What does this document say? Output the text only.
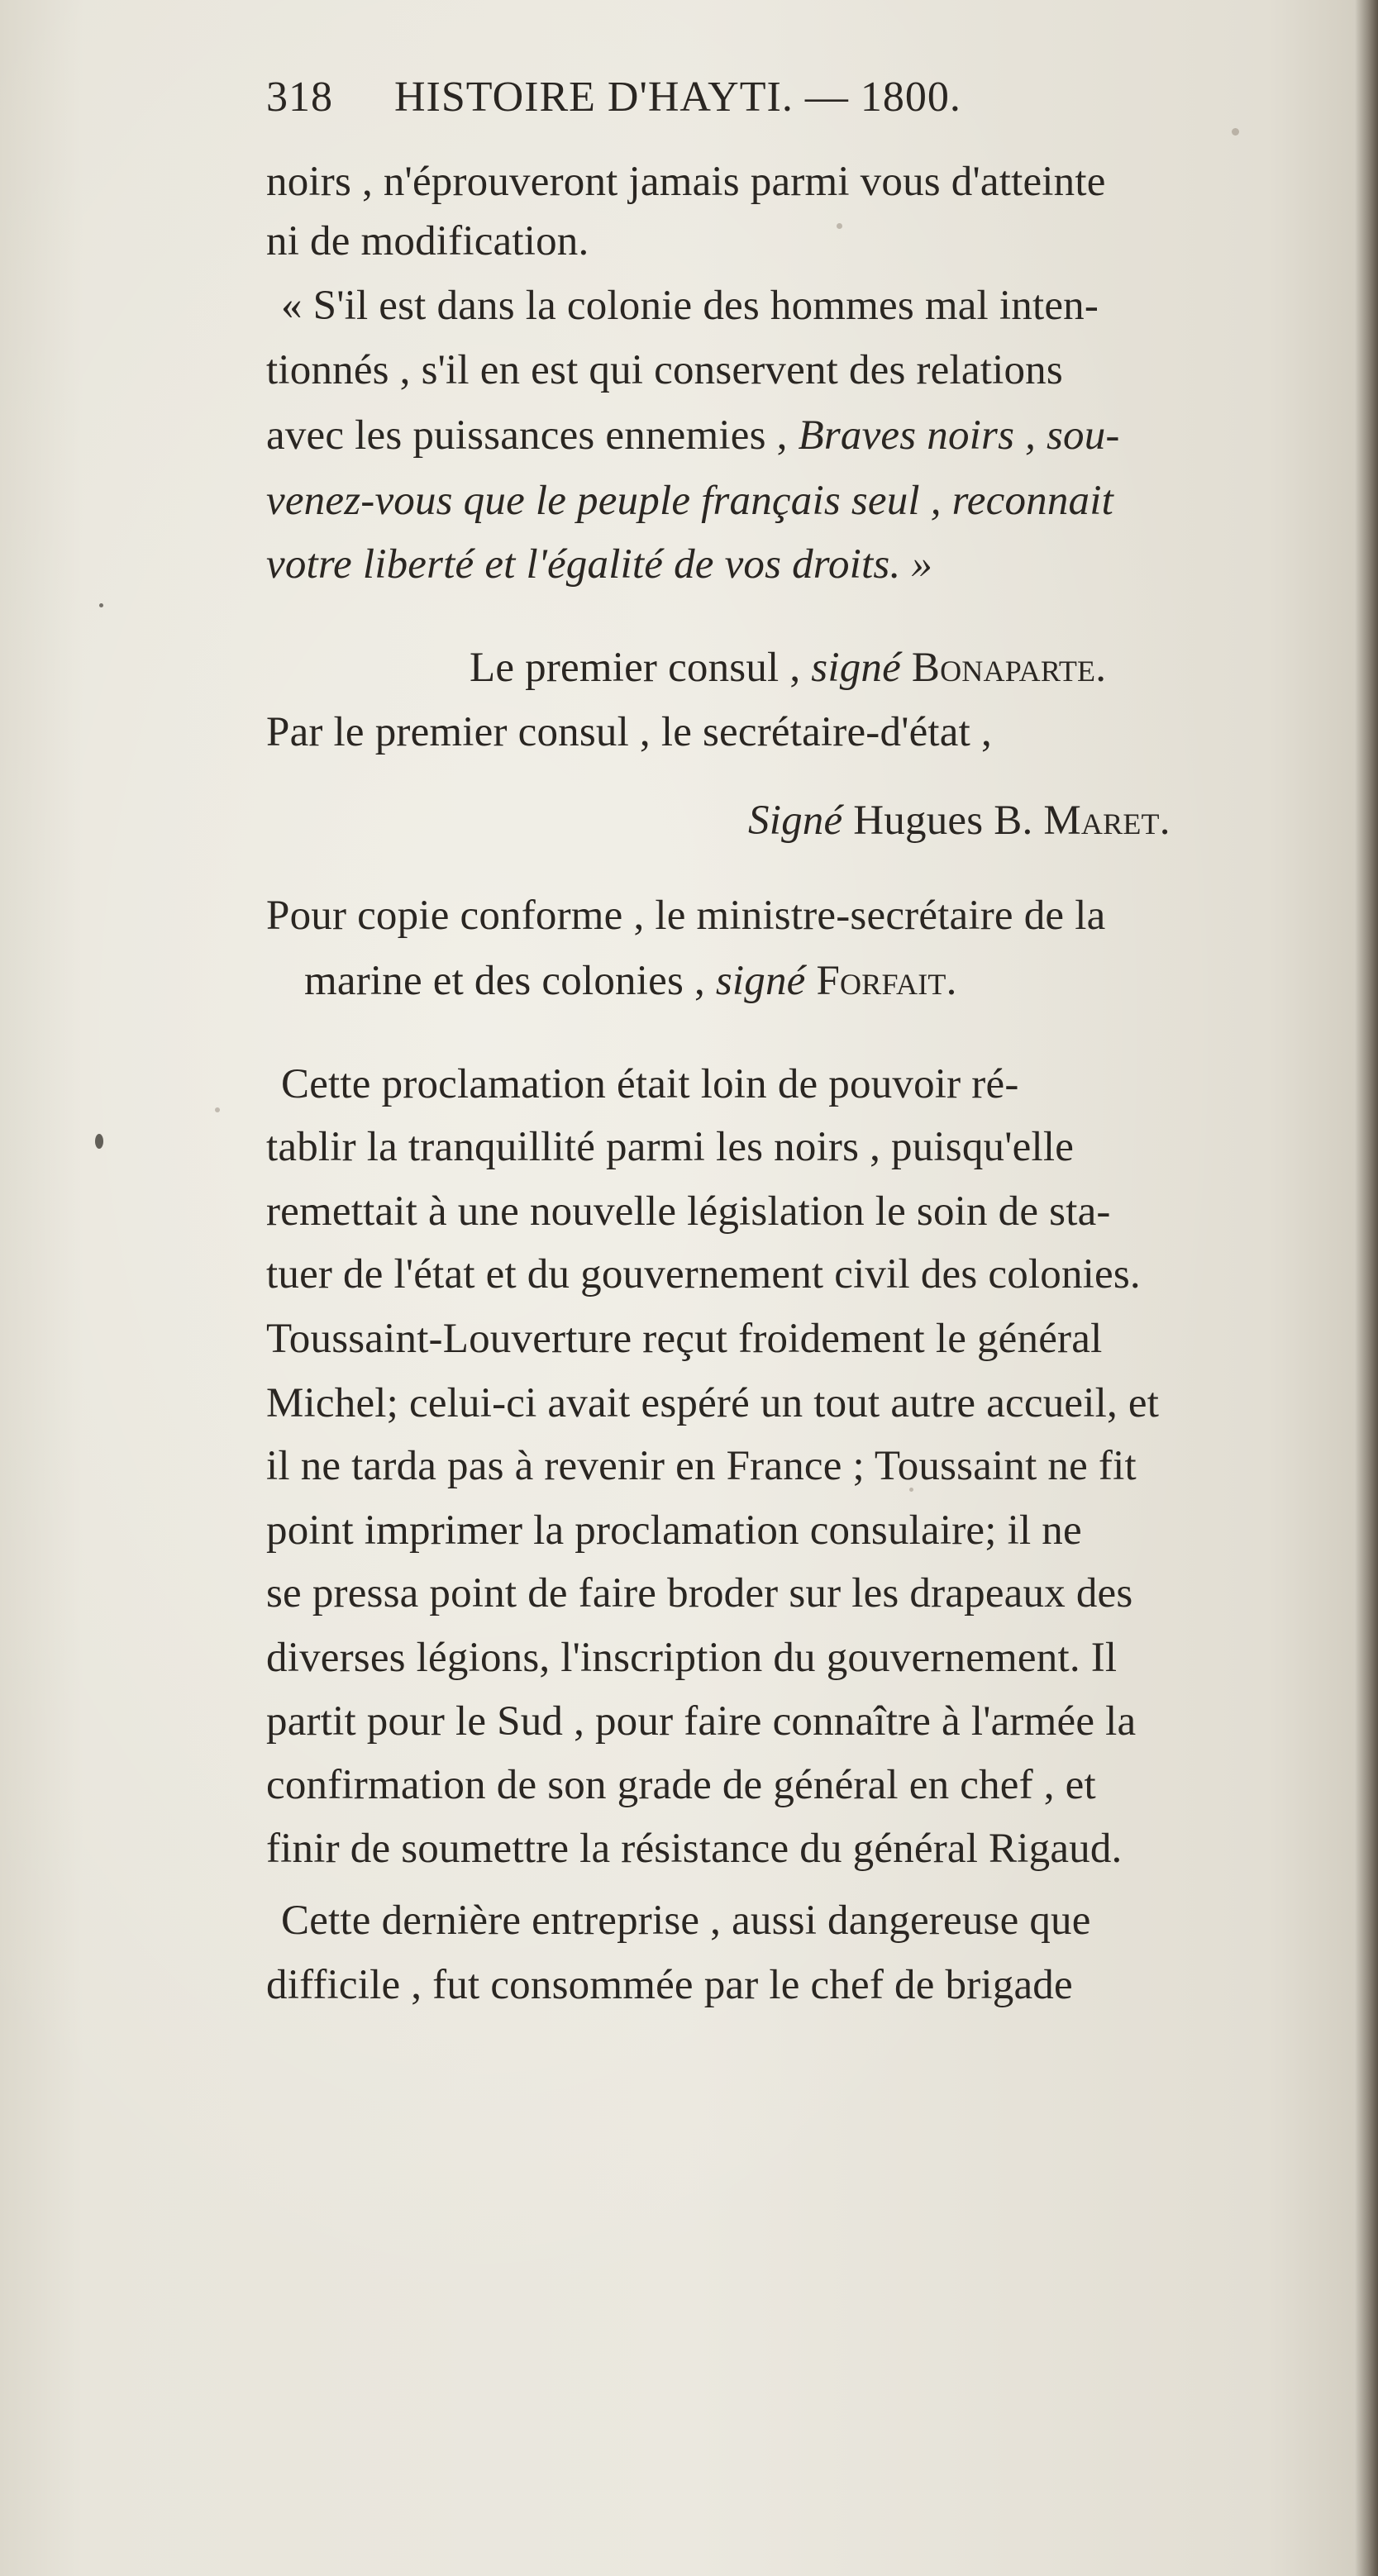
318 HISTOIRE D'HAYTI. — 1800.
noirs , n'éprouveront jamais parmi vous d'atteinte
ni de modification.
« S'il est dans la colonie des hommes mal inten-
tionnés , s'il en est qui conservent des relations
avec les puissances ennemies , Braves noirs , sou-
venez-vous que le peuple français seul , reconnait
votre liberté et l'égalité de vos droits. »
Le premier consul , signé Bonaparte.
Par le premier consul , le secrétaire-d'état ,
Signé Hugues B. Maret.
Pour copie conforme , le ministre-secrétaire de la
marine et des colonies , signé Forfait.
Cette proclamation était loin de pouvoir ré-
tablir la tranquillité parmi les noirs , puisqu'elle
remettait à une nouvelle législation le soin de sta-
tuer de l'état et du gouvernement civil des colonies.
Toussaint-Louverture reçut froidement le général
Michel; celui-ci avait espéré un tout autre accueil, et
il ne tarda pas à revenir en France ; Toussaint ne fit
point imprimer la proclamation consulaire; il ne
se pressa point de faire broder sur les drapeaux des
diverses légions, l'inscription du gouvernement. Il
partit pour le Sud , pour faire connaître à l'armée la
confirmation de son grade de général en chef , et
finir de soumettre la résistance du général Rigaud.
Cette dernière entreprise , aussi dangereuse que
difficile , fut consommée par le chef de brigade
